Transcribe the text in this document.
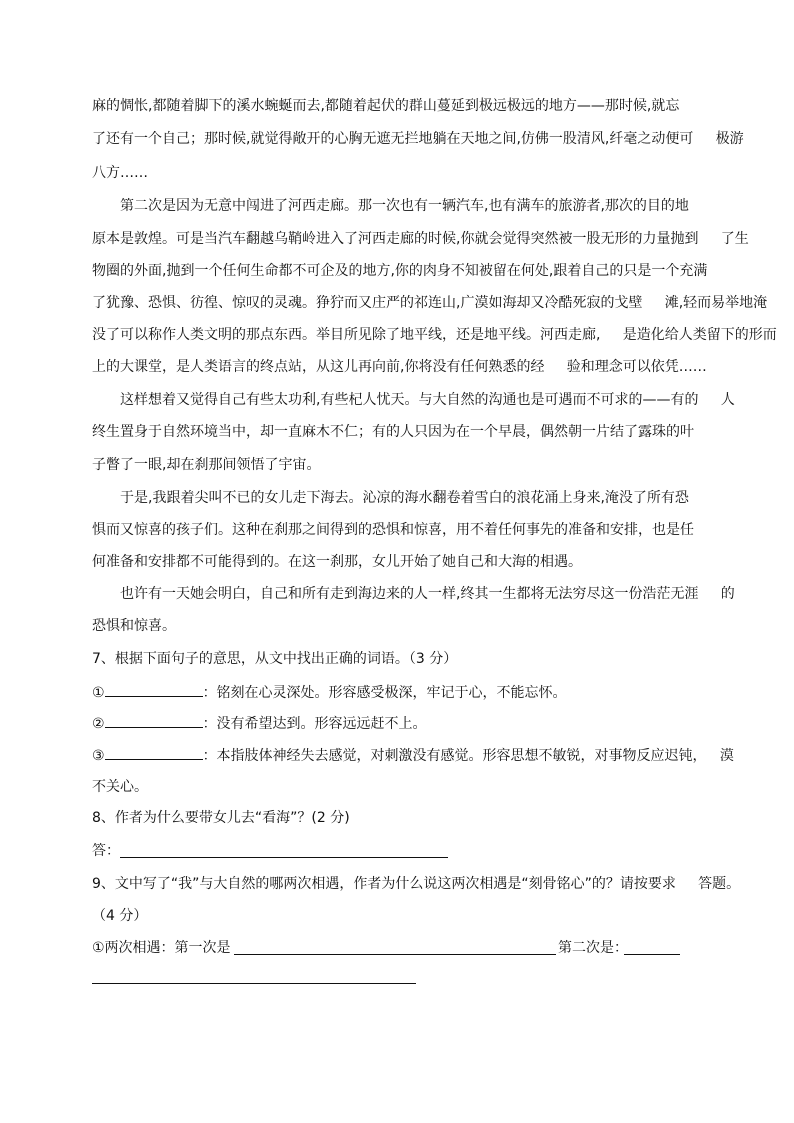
麻的惆怅,都随着脚下的溪水蜿蜒而去,都随着起伏的群山蔓延到极远极远的地方——那时候,就忘
了还有一个自己；那时候,就觉得敞开的心胸无遮无拦地躺在天地之间,仿佛一股清风,纤毫之动便可     极游
八方……
第二次是因为无意中闯进了河西走廊。那一次也有一辆汽车,也有满车的旅游者,那次的目的地
原本是敦煌。可是当汽车翻越乌鞘岭进入了河西走廊的时候,你就会觉得突然被一股无形的力量抛到     了生
物圈的外面,抛到一个任何生命都不可企及的地方,你的肉身不知被留在何处,跟着自己的只是一个充满
了犹豫、恐惧、彷徨、惊叹的灵魂。狰狞而又庄严的祁连山,广漠如海却又冷酷死寂的戈壁     滩,轻而易举地淹
没了可以称作人类文明的那点东西。举目所见除了地平线，还是地平线。河西走廊,     是造化给人类留下的形而
上的大课堂，是人类语言的终点站，从这儿再向前,你将没有任何熟悉的经     验和理念可以依凭……
这样想着又觉得自己有些太功利,有些杞人忧天。与大自然的沟通也是可遇而不可求的——有的     人
终生置身于自然环境当中，却一直麻木不仁；有的人只因为在一个早晨，偶然朝一片结了露珠的叶
子瞥了一眼,却在刹那间领悟了宇宙。
于是,我跟着尖叫不已的女儿走下海去。沁凉的海水翻卷着雪白的浪花涌上身来,淹没了所有恐
惧而又惊喜的孩子们。这种在刹那之间得到的恐惧和惊喜，用不着任何事先的准备和安排，也是任
何准备和安排都不可能得到的。在这一刹那，女儿开始了她自己和大海的相遇。
也许有一天她会明白，自己和所有走到海边来的人一样,终其一生都将无法穷尽这一份浩茫无涯     的
恐惧和惊喜。
7、根据下面句子的意思，从文中找出正确的词语。（3 分）
①	：铭刻在心灵深处。形容感受极深，牢记于心，不能忘怀。
②	：没有希望达到。形容远远赶不上。
③	：本指肢体神经失去感觉，对刺激没有感觉。形容思想不敏锐，对事物反应迟钝，   漠
不关心。
8、作者为什么要带女儿去“看海”？(2 分)
答：
9、文中写了“我”与大自然的哪两次相遇，作者为什么说这两次相遇是“刻骨铭心”的？请按要求     答题。
（4 分）
①两次相遇：第一次是	第二次是：
